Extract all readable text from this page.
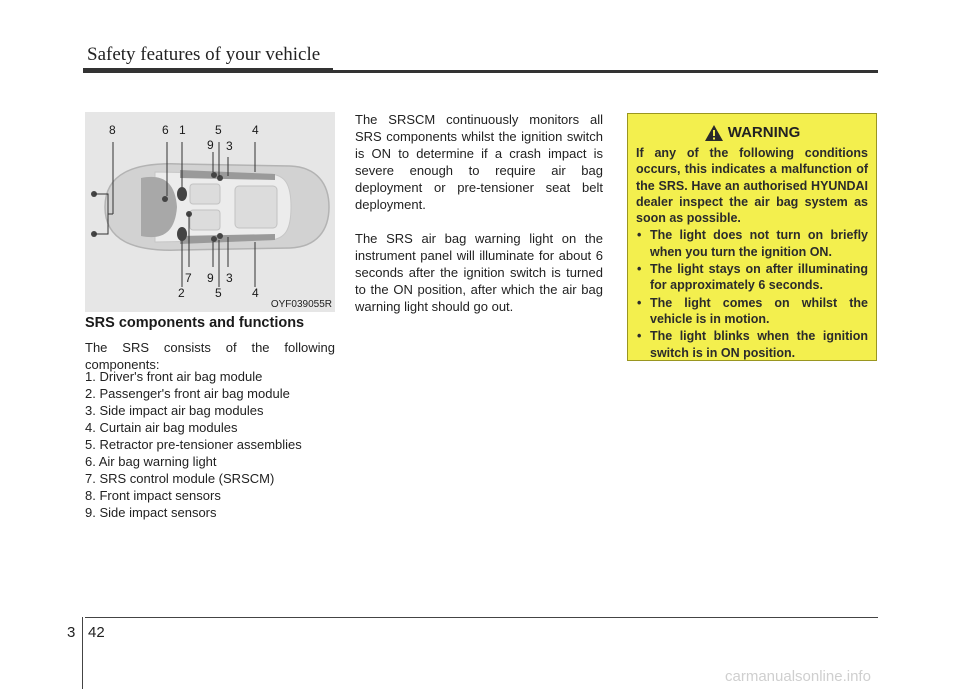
Safety features of your vehicle
8	6 1 5	4
9 3
7 9 3
2	5	4
OYF039055R
SRS components and functions
The SRS consists of the following components:
1. Driver's front air bag module
2. Passenger's front air bag module
3. Side impact air bag modules
4. Curtain air bag modules
5. Retractor pre-tensioner assemblies
6. Air bag warning light
7. SRS control module (SRSCM)
8. Front impact sensors
9. Side impact sensors

The SRSCM continuously monitors all SRS components whilst the ignition switch is ON to determine if a crash impact is severe enough to require air bag deployment or pre-tensioner seat belt deployment.

The SRS air bag warning light on the instrument panel will illuminate for about 6 seconds after the ignition switch is turned to the ON position, after which the air bag warning light should go out.

WARNING

If any of the following conditions occurs, this indicates a malfunction of the SRS. Have an authorised HYUNDAI dealer inspect the air bag system as soon as possible.

• The light does not turn on briefly when you turn the ignition ON.
• The light stays on after illuminating for approximately 6 seconds.
• The light comes on whilst the vehicle is in motion.
• The light blinks when the ignition switch is in ON position.
3 42
carmanualsonline.info
